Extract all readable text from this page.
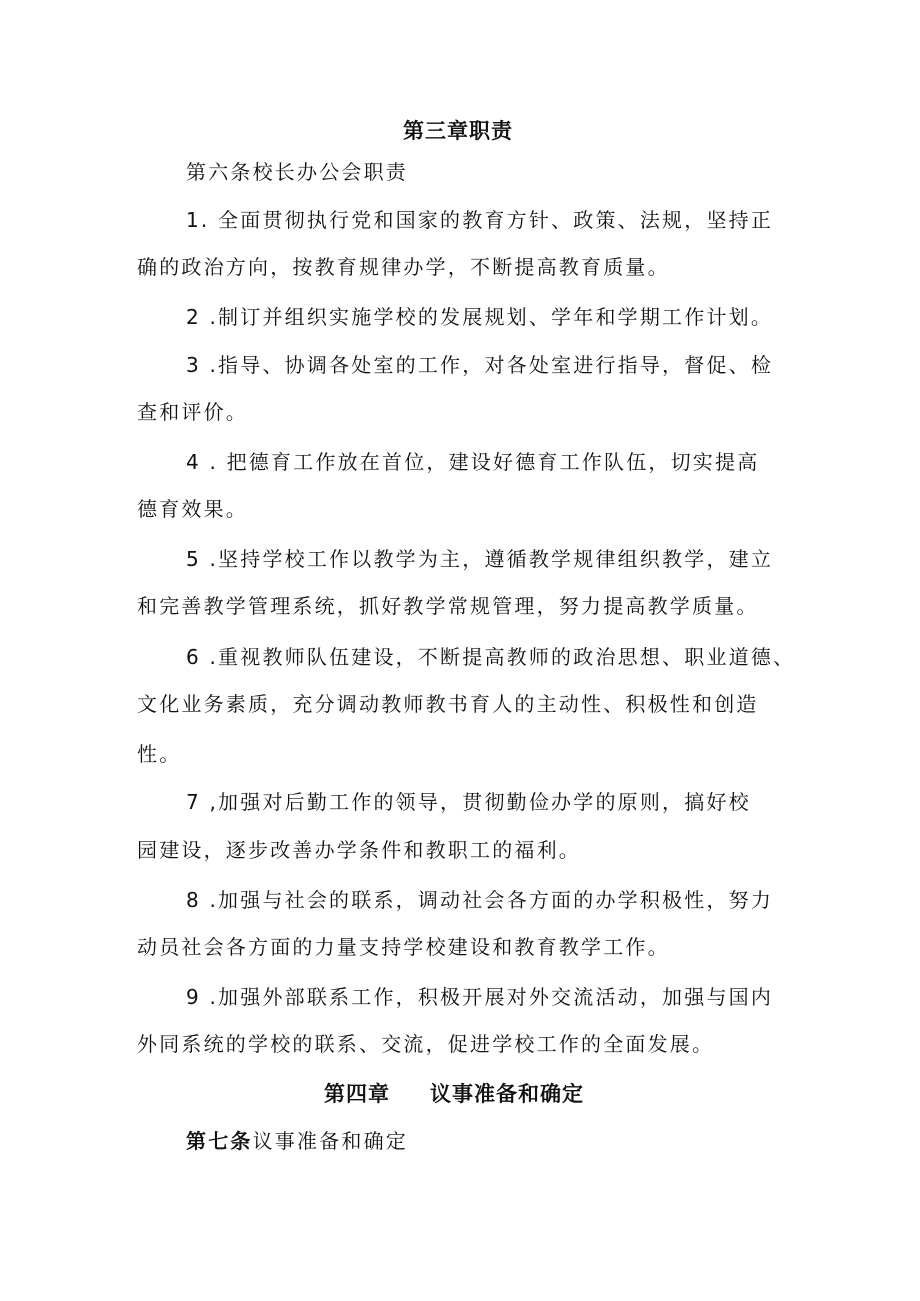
第三章职责
第六条校长办公会职责
1. 全面贯彻执行党和国家的教育方针、政策、法规，坚持正
确的政治方向，按教育规律办学，不断提高教育质量。
2 .制订并组织实施学校的发展规划、学年和学期工作计划。
3 .指导、协调各处室的工作，对各处室进行指导，督促、检
查和评价。
4 . 把德育工作放在首位，建设好德育工作队伍，切实提高
德育效果。
5 .坚持学校工作以教学为主，遵循教学规律组织教学，建立
和完善教学管理系统，抓好教学常规管理，努力提高教学质量。
6 .重视教师队伍建设，不断提高教师的政治思想、职业道德、
文化业务素质，充分调动教师教书育人的主动性、积极性和创造
性。
7 ,加强对后勤工作的领导，贯彻勤俭办学的原则，搞好校
园建设，逐步改善办学条件和教职工的福利。
8 .加强与社会的联系，调动社会各方面的办学积极性，努力
动员社会各方面的力量支持学校建设和教育教学工作。
9 .加强外部联系工作，积极开展对外交流活动，加强与国内
外同系统的学校的联系、交流，促进学校工作的全面发展。
第四章 议事准备和确定
第七条议事准备和确定
